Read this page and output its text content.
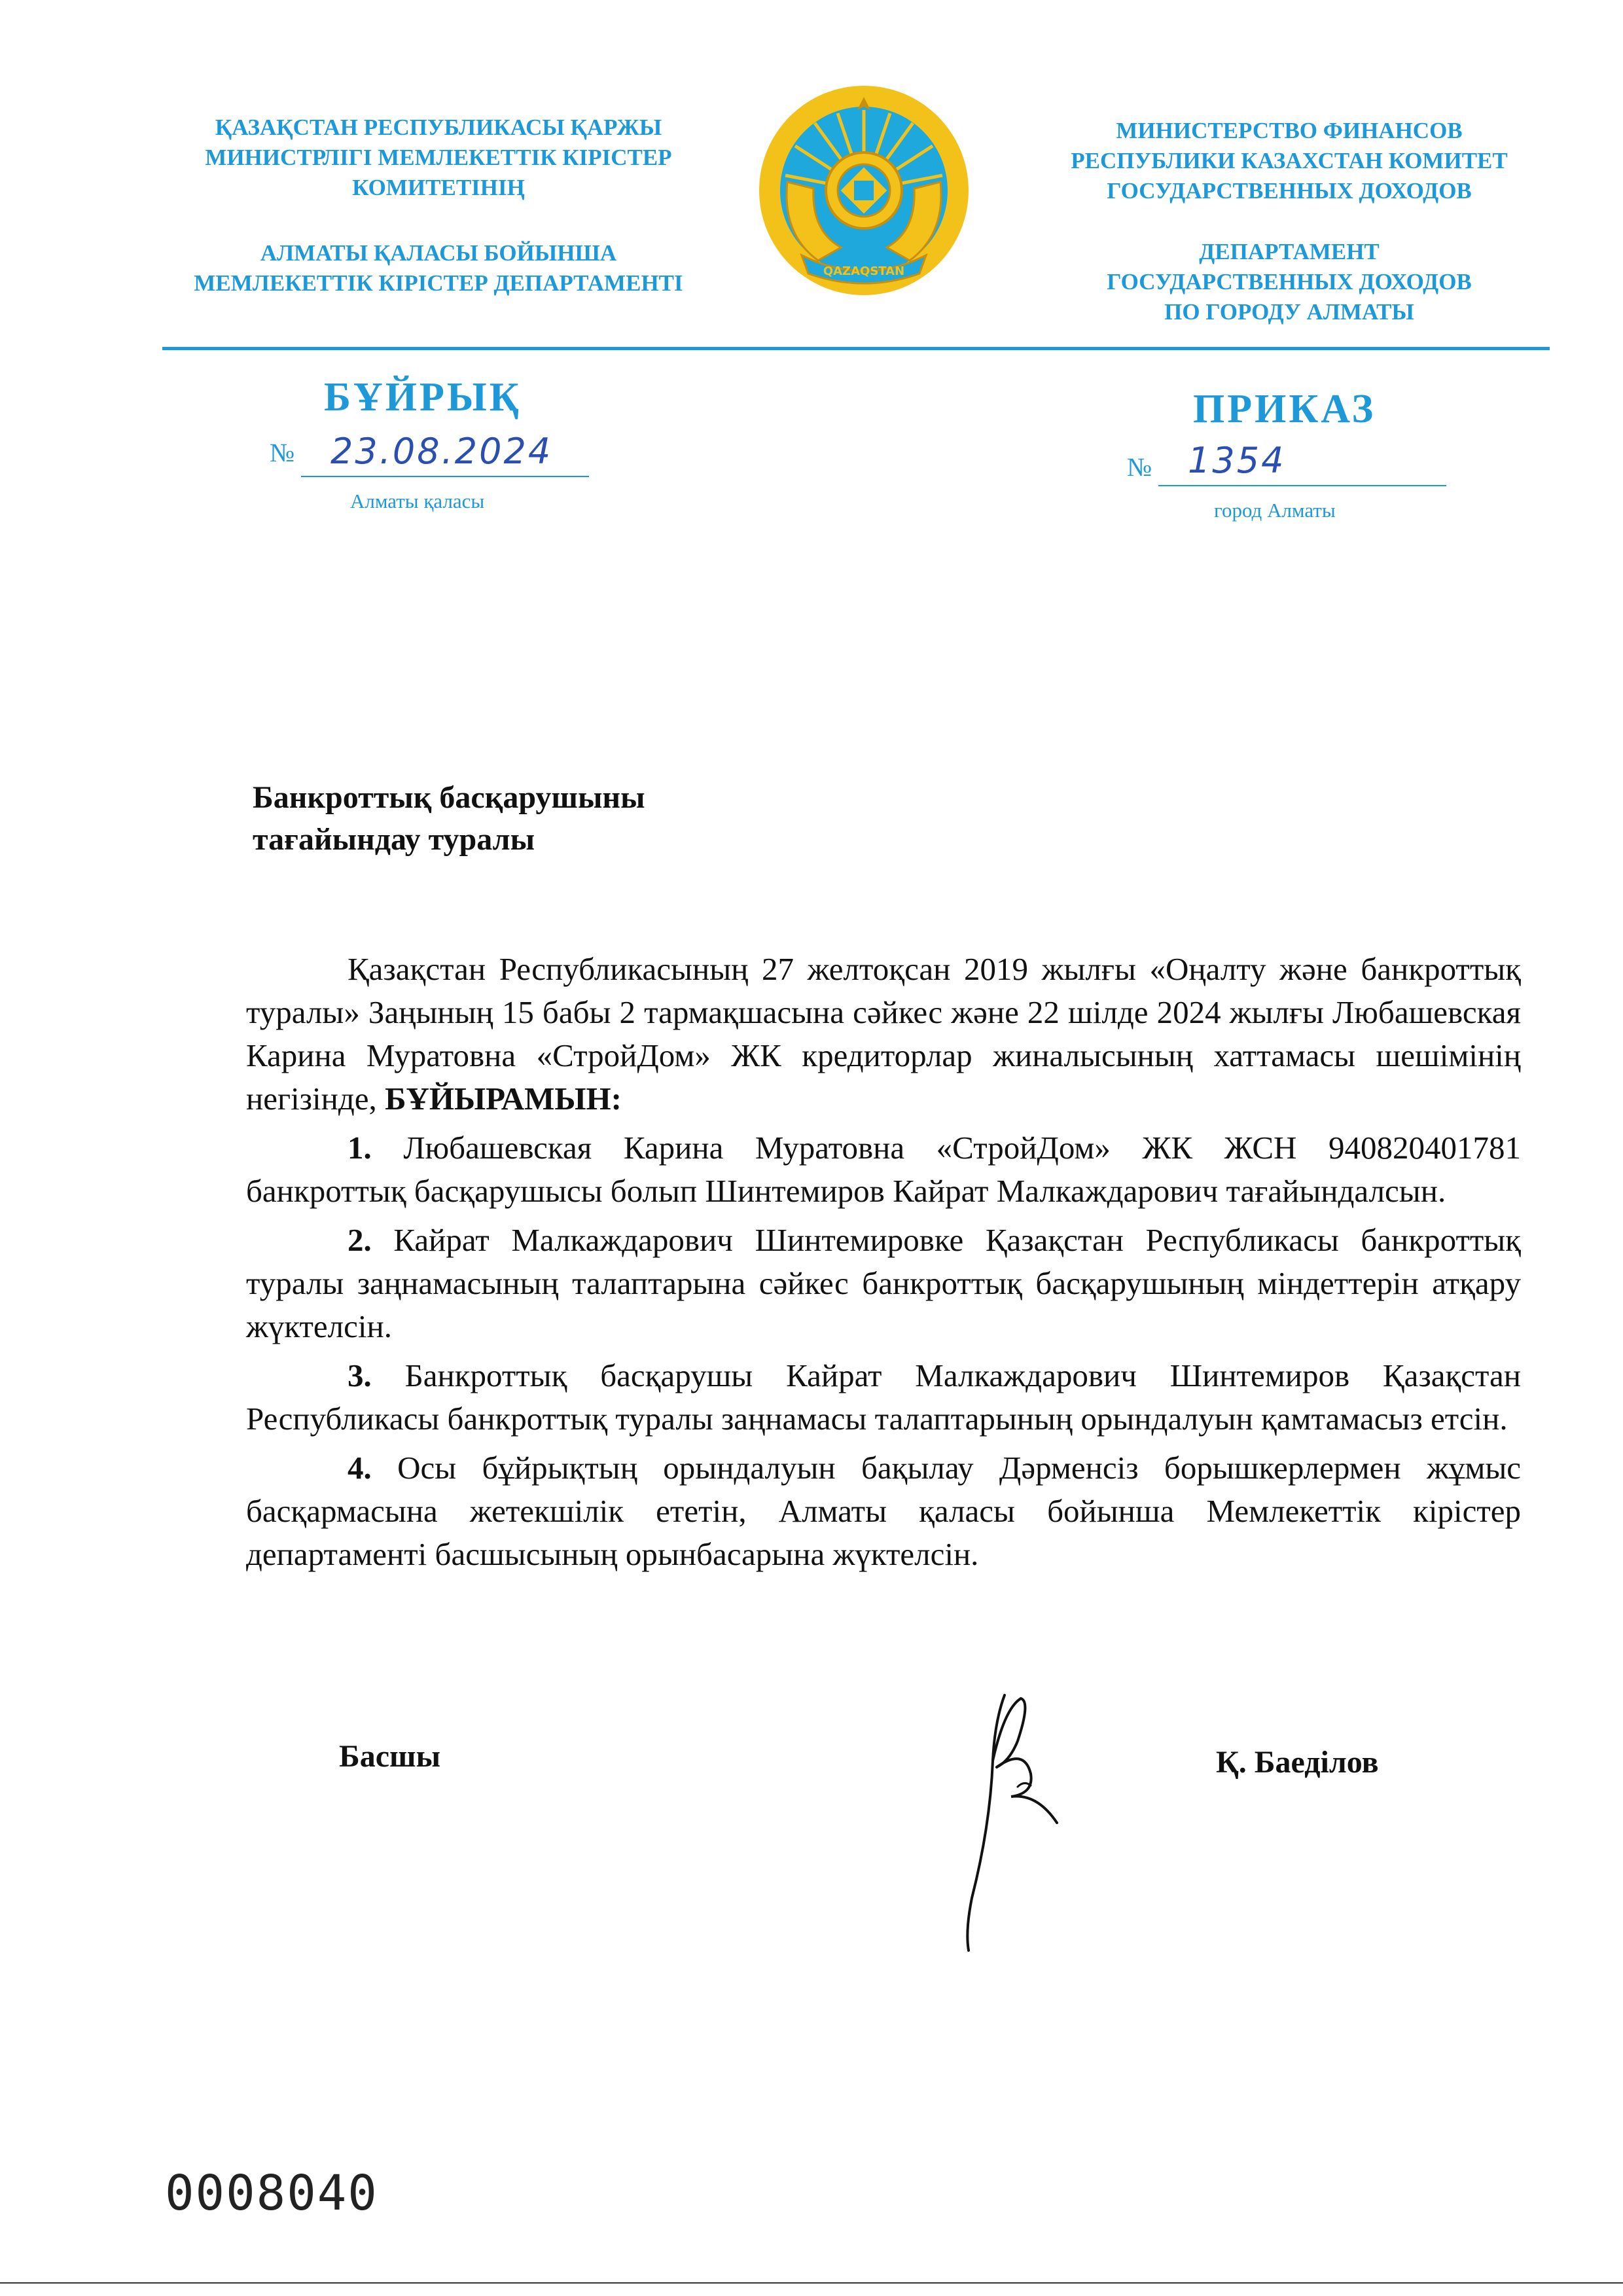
ҚАЗАҚСТАН РЕСПУБЛИКАСЫ ҚАРЖЫ
МИНИСТРЛІГІ МЕМЛЕКЕТТІК КІРІСТЕР
КОМИТЕТІНІҢ
АЛМАТЫ ҚАЛАСЫ БОЙЫНША
МЕМЛЕКЕТТІК КІРІСТЕР ДЕПАРТАМЕНТІ	QAZAQSTAN
МИНИСТЕРСТВО ФИНАНСОВ
РЕСПУБЛИКИ КАЗАХСТАН КОМИТЕТ
ГОСУДАРСТВЕННЫХ ДОХОДОВ
ДЕПАРТАМЕНТ
ГОСУДАРСТВЕННЫХ ДОХОДОВ
ПО ГОРОДУ АЛМАТЫ
БҰЙРЫҚ	ПРИКАЗ
№ 23.08.2024
Алматы қаласы
№ 1354
город Алматы
Банкроттық басқарушыны
тағайындау туралы

Қазақстан Республикасының 27 желтоқсан 2019 жылғы «Оңалту және банкроттық туралы» Заңының 15 бабы 2 тармақшасына сәйкес және 22 шілде 2024 жылғы Любашевская Карина Муратовна «СтройДом» ЖК кредиторлар жиналысының хаттамасы шешімінің негізінде, БҰЙЫРАМЫН:

1. Любашевская Карина Муратовна «СтройДом» ЖК ЖСН 940820401781 банкроттық басқарушысы болып Шинтемиров Кайрат Малкаждарович тағайындалсын.

2. Кайрат Малкаждарович Шинтемировке Қазақстан Республикасы банкроттық туралы заңнамасының талаптарына сәйкес банкроттық басқарушының міндеттерін атқару жүктелсін.

3. Банкроттық басқарушы Кайрат Малкаждарович Шинтемиров Қазақстан Республикасы банкроттық туралы заңнамасы талаптарының орындалуын қамтамасыз етсін.

4. Осы бұйрықтың орындалуын бақылау Дәрменсіз борышкерлермен жұмыс басқармасына жетекшілік ететін, Алматы қаласы бойынша Мемлекеттік кірістер департаменті басшысының орынбасарына жүктелсін.

Басшы	Қ. Баеділов
0008040
